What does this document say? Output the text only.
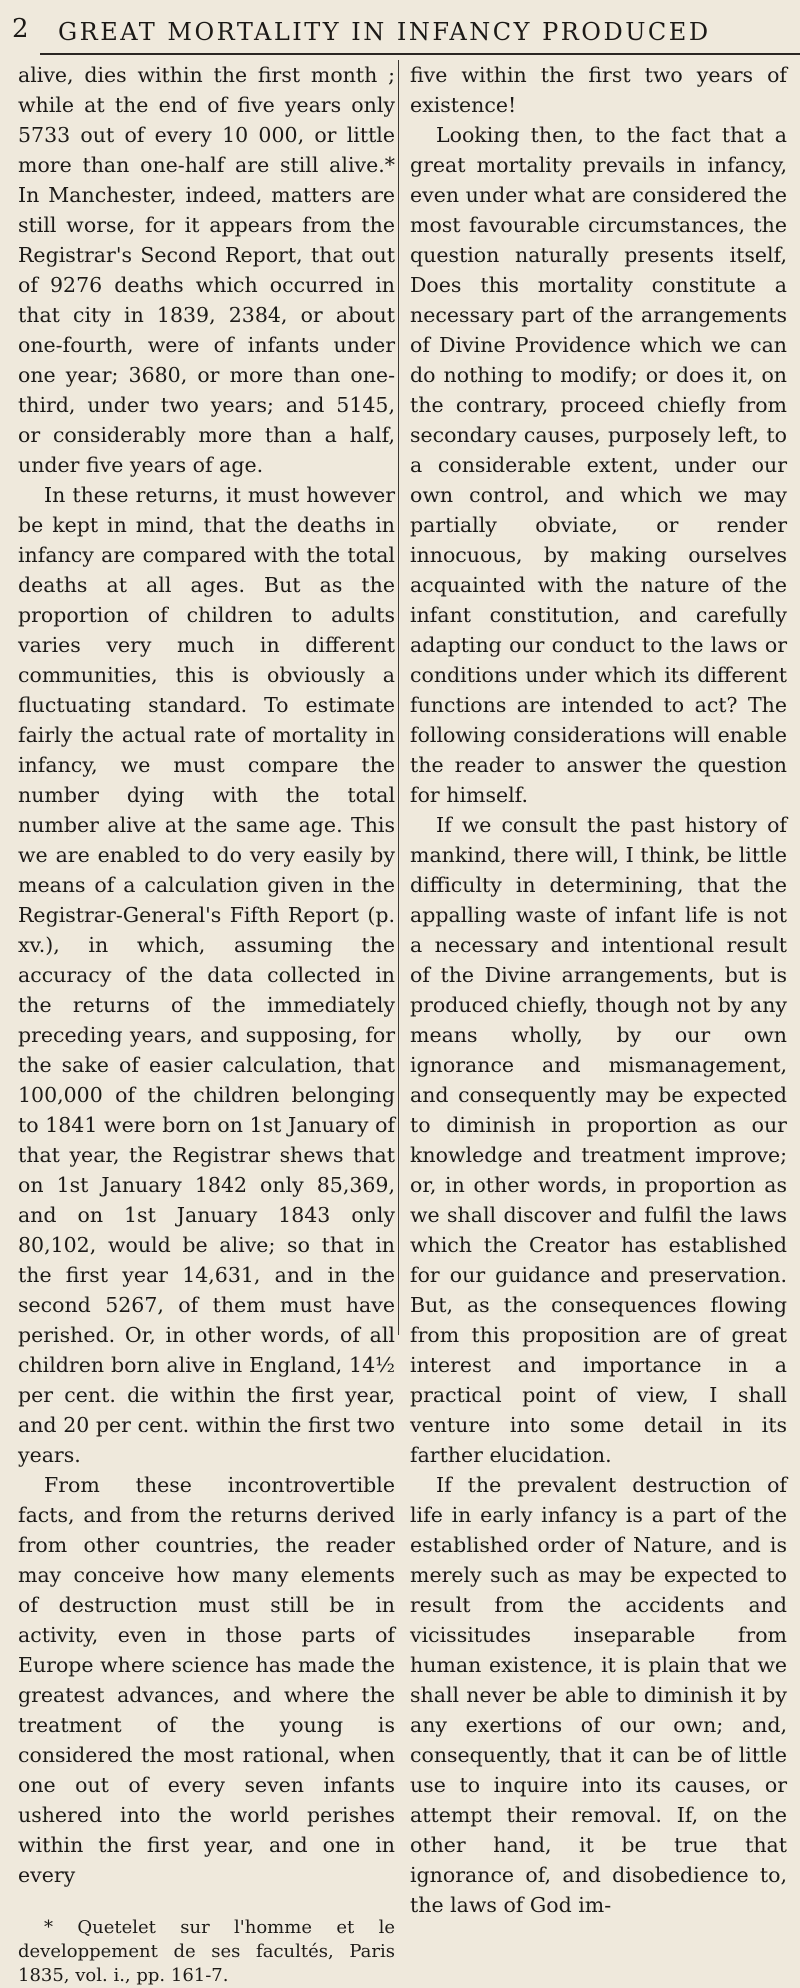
2 GREAT MORTALITY IN INFANCY PRODUCED

alive, dies within the first month ; while at the end of five years only 5733 out of every 10 000, or little more than one-half are still alive.* In Manchester, indeed, matters are still worse, for it appears from the Registrar's Second Report, that out of 9276 deaths which occurred in that city in 1839, 2384, or about one-fourth, were of infants under one year; 3680, or more than one-third, under two years; and 5145, or considerably more than a half, under five years of age.

In these returns, it must however be kept in mind, that the deaths in infancy are compared with the total deaths at all ages. But as the proportion of children to adults varies very much in different communities, this is obviously a fluctuating standard. To estimate fairly the actual rate of mortality in infancy, we must compare the number dying with the total number alive at the same age. This we are enabled to do very easily by means of a calculation given in the Registrar-General's Fifth Report (p. xv.), in which, assuming the accuracy of the data collected in the returns of the immediately preceding years, and supposing, for the sake of easier calculation, that 100,000 of the children belonging to 1841 were born on 1st January of that year, the Registrar shews that on 1st January 1842 only 85,369, and on 1st January 1843 only 80,102, would be alive; so that in the first year 14,631, and in the second 5267, of them must have perished. Or, in other words, of all children born alive in England, 14½ per cent. die within the first year, and 20 per cent. within the first two years.

From these incontrovertible facts, and from the returns derived from other countries, the reader may conceive how many elements of destruction must still be in activity, even in those parts of Europe where science has made the greatest advances, and where the treatment of the young is considered the most rational, when one out of every seven infants ushered into the world perishes within the first year, and one in every

* Quetelet sur l'homme et le developpement de ses facultés, Paris 1835, vol. i., pp. 161-7.

five within the first two years of existence!

Looking then, to the fact that a great mortality prevails in infancy, even under what are considered the most favourable circumstances, the question naturally presents itself, Does this mortality constitute a necessary part of the arrangements of Divine Providence which we can do nothing to modify; or does it, on the contrary, proceed chiefly from secondary causes, purposely left, to a considerable extent, under our own control, and which we may partially obviate, or render innocuous, by making ourselves acquainted with the nature of the infant constitution, and carefully adapting our conduct to the laws or conditions under which its different functions are intended to act? The following considerations will enable the reader to answer the question for himself.

If we consult the past history of mankind, there will, I think, be little difficulty in determining, that the appalling waste of infant life is not a necessary and intentional result of the Divine arrangements, but is produced chiefly, though not by any means wholly, by our own ignorance and mismanagement, and consequently may be expected to diminish in proportion as our knowledge and treatment improve; or, in other words, in proportion as we shall discover and fulfil the laws which the Creator has established for our guidance and preservation. But, as the consequences flowing from this proposition are of great interest and importance in a practical point of view, I shall venture into some detail in its farther elucidation.

If the prevalent destruction of life in early infancy is a part of the established order of Nature, and is merely such as may be expected to result from the accidents and vicissitudes inseparable from human existence, it is plain that we shall never be able to diminish it by any exertions of our own; and, consequently, that it can be of little use to inquire into its causes, or attempt their removal. If, on the other hand, it be true that ignorance of, and disobedience to, the laws of God im-
